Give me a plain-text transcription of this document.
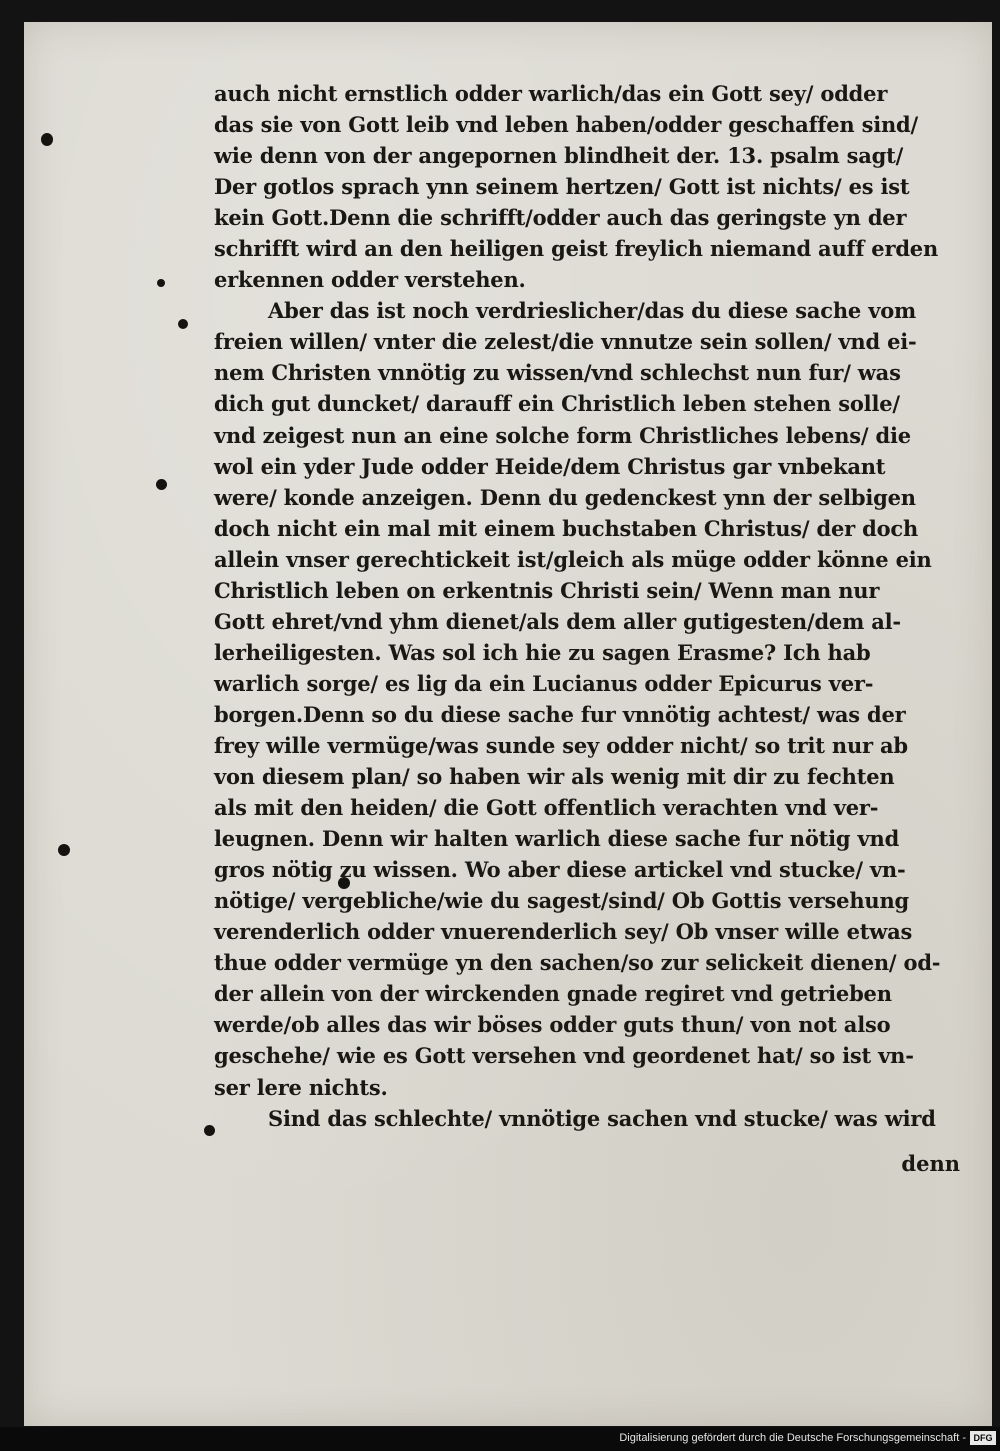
auch nicht ernstlich odder warlich/das ein Gott sey/ odder
das sie von Gott leib vnd leben haben/odder geschaffen sind/
wie denn von der angepornen blindheit der. 13. psalm sagt/
Der gotlos sprach ynn seinem hertzen/ Gott ist nichts/ es ist
kein Gott.Denn die schrifft/odder auch das geringste yn der
schrifft wird an den heiligen geist freylich niemand auff erden
erkennen odder verstehen.
Aber das ist noch verdrieslicher/das du diese sache vom
freien willen/ vnter die zelest/die vnnutze sein sollen/ vnd ei-
nem Christen vnnötig zu wissen/vnd schlechst nun fur/ was
dich gut duncket/ darauff ein Christlich leben stehen solle/
vnd zeigest nun an eine solche form Christliches lebens/ die
wol ein yder Jude odder Heide/dem Christus gar vnbekant
were/ konde anzeigen. Denn du gedenckest ynn der selbigen
doch nicht ein mal mit einem buchstaben Christus/ der doch
allein vnser gerechtickeit ist/gleich als müge odder könne ein
Christlich leben on erkentnis Christi sein/ Wenn man nur
Gott ehret/vnd yhm dienet/als dem aller gutigesten/dem al-
lerheiligesten. Was sol ich hie zu sagen Erasme? Ich hab
warlich sorge/ es lig da ein Lucianus odder Epicurus ver-
borgen.Denn so du diese sache fur vnnötig achtest/ was der
frey wille vermüge/was sunde sey odder nicht/ so trit nur ab
von diesem plan/ so haben wir als wenig mit dir zu fechten
als mit den heiden/ die Gott offentlich verachten vnd ver-
leugnen. Denn wir halten warlich diese sache fur nötig vnd
gros nötig zu wissen. Wo aber diese artickel vnd stucke/ vn-
nötige/ vergebliche/wie du sagest/sind/ Ob Gottis versehung
verenderlich odder vnuerenderlich sey/ Ob vnser wille etwas
thue odder vermüge yn den sachen/so zur selickeit dienen/ od-
der allein von der wirckenden gnade regiret vnd getrieben
werde/ob alles das wir böses odder guts thun/ von not also
geschehe/ wie es Gott versehen vnd geordenet hat/ so ist vn-
ser lere nichts.
Sind das schlechte/ vnnötige sachen vnd stucke/ was wird
denn
Digitalisierung gefördert durch die Deutsche Forschungsgemeinschaft - DFG
